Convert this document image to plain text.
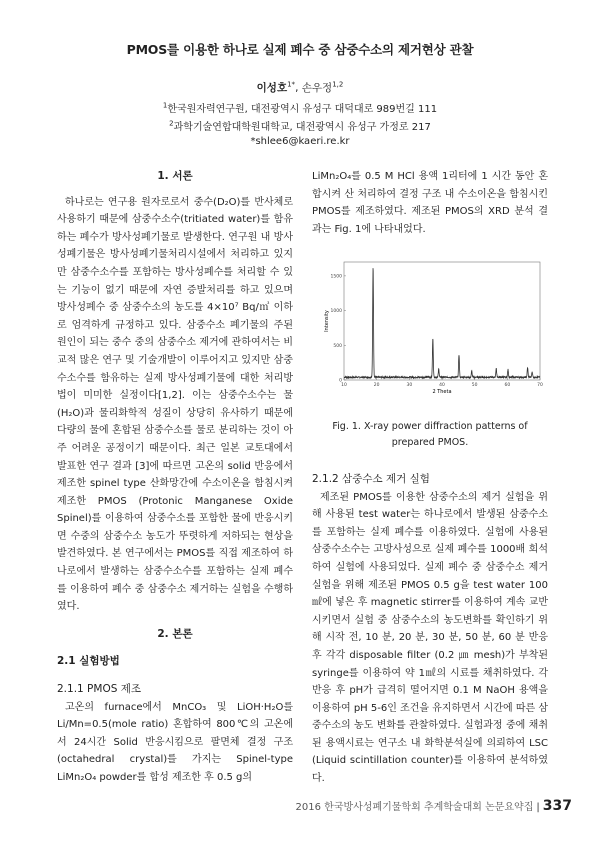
PMOS를 이용한 하나로 실제 폐수 중 삼중수소의 제거현상 관찰
이성호$^{1*}$, 손우정$^{1,2}$
$^1$한국원자력연구원, 대전광역시 유성구 대덕대로 989번길 111
$^2$과학기술연합대학원대학교, 대전광역시 유성구 가정로 217
*shlee6@kaeri.re.kr

1. 서론

하나로는 연구용 원자로로서 중수(D₂O)를 반사체로 사용하기 때문에 삼중수소수(tritiated water)를 함유하는 폐수가 방사성폐기물로 발생한다. 연구원 내 방사성폐기물은 방사성폐기물처리시설에서 처리하고 있지만 삼중수소수를 포함하는 방사성폐수를 처리할 수 있는 기능이 없기 때문에 자연 증발처리를 하고 있으며 방사성폐수 중 삼중수소의 농도를 4×10⁷ Bq/㎥ 이하로 엄격하게 규정하고 있다. 삼중수소 폐기물의 주된 원인이 되는 중수 중의 삼중수소 제거에 관하여서는 비교적 많은 연구 및 기술개발이 이루어지고 있지만 삼중수소수를 함유하는 실제 방사성폐기물에 대한 처리방법이 미미한 실정이다[1,2]. 이는 삼중수소수는 물(H₂O)과 물리화학적 성질이 상당히 유사하기 때문에 다량의 물에 혼합된 삼중수소를 물로 분리하는 것이 아주 어려운 공정이기 때문이다. 최근 일본 교토대에서 발표한 연구 결과 [3]에 따르면 고온의 solid 반응에서 제조한 spinel type 산화망간에 수소이온을 함침시켜 제조한 PMOS (Protonic Manganese Oxide Spinel)를 이용하여 삼중수소를 포함한 물에 반응시키면 수중의 삼중수소 농도가 뚜렷하게 저하되는 현상을 발견하였다. 본 연구에서는 PMOS를 직접 제조하여 하나로에서 발생하는 삼중수소수를 포함하는 실제 폐수를 이용하여 폐수 중 삼중수소 제거하는 실험을 수행하였다.

2. 본론

2.1 실험방법

2.1.1 PMOS 제조

고온의 furnace에서 MnCO₃ 및 LiOH·H₂O를 Li/Mn=0.5(mole ratio) 혼합하여 800℃의 고온에서 24시간 Solid 반응시킴으로 팔면체 결정 구조 (octahedral crystal)를 가지는 Spinel-type LiMn₂O₄ powder를 합성 제조한 후 0.5 g의

LiMn₂O₄를 0.5 M HCl 용액 1리터에 1 시간 동안 혼합시켜 산 처리하여 결정 구조 내 수소이온을 함침시킨 PMOS를 제조하였다. 제조된 PMOS의 XRD 분석 결과는 Fig. 1에 나타내었다.

1500
1000
500
0
10	20	30	40	50	60	70
Intensity
2 Theta

Fig. 1. X-ray power diffraction patterns of

prepared PMOS.

2.1.2 삼중수소 제거 실험

제조된 PMOS를 이용한 삼중수소의 제거 실험을 위해 사용된 test water는 하나로에서 발생된 삼중수소를 포함하는 실제 폐수를 이용하였다. 실험에 사용된 삼중수소수는 고방사성으로 실제 폐수를 1000배 희석하여 실험에 사용되었다. 실제 폐수 중 삼중수소 제거 실험을 위해 제조된 PMOS 0.5 g을 test water 100 ㎖에 넣은 후 magnetic stirrer를 이용하여 계속 교반시키면서 실험 중 삼중수소의 농도변화를 확인하기 위해 시작 전, 10 분, 20 분, 30 분, 50 분, 60 분 반응 후 각각 disposable filter (0.2 ㎛ mesh)가 부착된 syringe를 이용하여 약 1㎖의 시료를 채취하였다. 각 반응 후 pH가 급격히 떨어지면 0.1 M NaOH 용액을 이용하여 pH 5-6인 조건을 유지하면서 시간에 따른 삼중수소의 농도 변화를 관찰하였다. 실험과정 중에 채취된 용액시료는 연구소 내 화학분석실에 의뢰하여 LSC (Liquid scintillation counter)를 이용하여 분석하였다.

2016 한국방사성폐기물학회 추계학술대회 논문요약집 | 337
